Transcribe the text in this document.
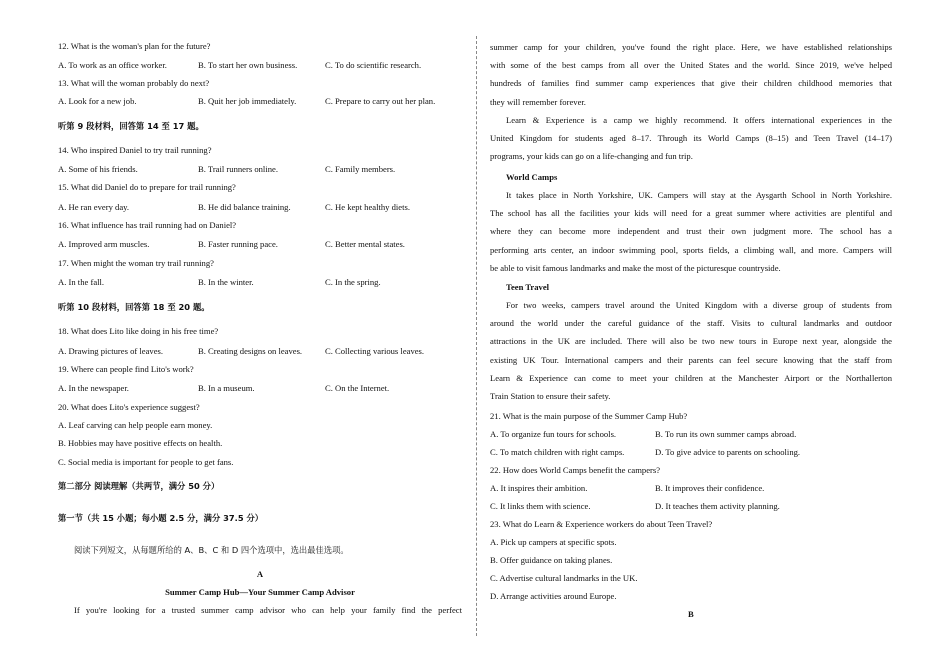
12. What is the woman's plan for the future?
A. To work as an office worker.	B. To start her own business.	C. To do scientific research.
13. What will the woman probably do next?
A. Look for a new job.	B. Quit her job immediately.	C. Prepare to carry out her plan.
听第 9 段材料，回答第 14 至 17 题。
14. Who inspired Daniel to try trail running?
A. Some of his friends.	B. Trail runners online.	C. Family members.
15. What did Daniel do to prepare for trail running?
A. He ran every day.	B. He did balance training.	C. He kept healthy diets.
16. What influence has trail running had on Daniel?
A. Improved arm muscles.	B. Faster running pace.	C. Better mental states.
17. When might the woman try trail running?
A. In the fall.	B. In the winter.	C. In the spring.
听第 10 段材料，回答第 18 至 20 题。
18. What does Lito like doing in his free time?
A. Drawing pictures of leaves.	B. Creating designs on leaves.	C. Collecting various leaves.
19. Where can people find Lito's work?
A. In the newspaper.	B. In a museum.	C. On the Internet.
20. What does Lito's experience suggest?
A. Leaf carving can help people earn money.
B. Hobbies may have positive effects on health.
C. Social media is important for people to get fans.
第二部分 阅读理解（共两节，满分 50 分）
第一节（共 15 小题；每小题 2.5 分，满分 37.5 分）
阅读下列短文，从每题所给的 A、B、C 和 D 四个选项中，选出最佳选项。
A
Summer Camp Hub—Your Summer Camp Advisor
If you're looking for a trusted summer camp advisor who can help your family find the perfect
summer camp for your children, you've found the right place. Here, we have established relationships
with some of the best camps from all over the United States and the world. Since 2019, we've helped
hundreds of families find summer camp experiences that give their children childhood memories that
they will remember forever.
Learn & Experience is a camp we highly recommend. It offers international experiences in the
United Kingdom for students aged 8–17. Through its World Camps (8–15) and Teen Travel (14–17)
programs, your kids can go on a life-changing and fun trip.
World Camps
It takes place in North Yorkshire, UK. Campers will stay at the Aysgarth School in North Yorkshire.
The school has all the facilities your kids will need for a great summer where activities are plentiful and
where they can become more independent and trust their own judgment more. The school has a
performing arts center, an indoor swimming pool, sports fields, a climbing wall, and more. Campers will
be able to visit famous landmarks and make the most of the picturesque countryside.
Teen Travel
For two weeks, campers travel around the United Kingdom with a diverse group of students from
around the world under the careful guidance of the staff. Visits to cultural landmarks and outdoor
attractions in the UK are included. There will also be two new tours in Europe next year, alongside the
existing UK Tour. International campers and their parents can feel secure knowing that the staff from
Learn & Experience can come to meet your children at the Manchester Airport or the Northallerton
Train Station to ensure their safety.
21. What is the main purpose of the Summer Camp Hub?
A. To organize fun tours for schools.	B. To run its own summer camps abroad.
C. To match children with right camps.	D. To give advice to parents on schooling.
22. How does World Camps benefit the campers?
A. It inspires their ambition.	B. It improves their confidence.
C. It links them with science.	D. It teaches them activity planning.
23. What do Learn & Experience workers do about Teen Travel?
A. Pick up campers at specific spots.
B. Offer guidance on taking planes.
C. Advertise cultural landmarks in the UK.
D. Arrange activities around Europe.
B
